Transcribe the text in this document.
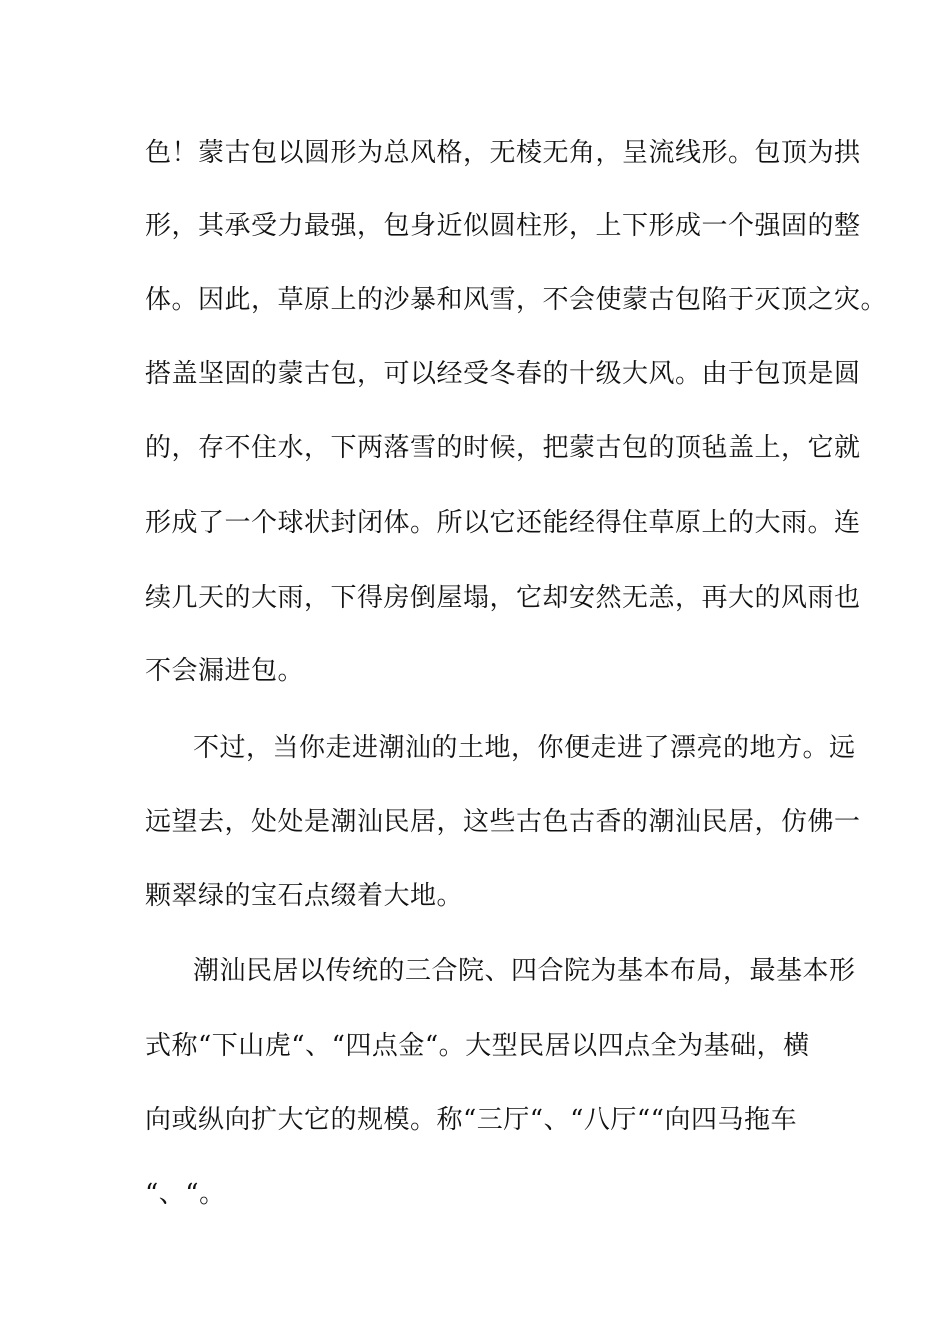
色！蒙古包以圆形为总风格，无棱无角，呈流线形。包顶为拱
形，其承受力最强，包身近似圆柱形，上下形成一个强固的整
体。因此，草原上的沙暴和风雪，不会使蒙古包陷于灭顶之灾。
搭盖坚固的蒙古包，可以经受冬春的十级大风。由于包顶是圆
的，存不住水，下两落雪的时候，把蒙古包的顶毡盖上，它就
形成了一个球状封闭体。所以它还能经得住草原上的大雨。连
续几天的大雨，下得房倒屋塌，它却安然无恙，再大的风雨也
不会漏进包。
不过，当你走进潮汕的土地，你便走进了漂亮的地方。远
远望去，处处是潮汕民居，这些古色古香的潮汕民居，仿佛一
颗翠绿的宝石点缀着大地。
潮汕民居以传统的三合院、四合院为基本布局，最基本形
式称“下山虎“、“四点金“。大型民居以四点全为基础，横
向或纵向扩大它的规模。称“三厅“、“八厅““向四马拖车
“、“。
